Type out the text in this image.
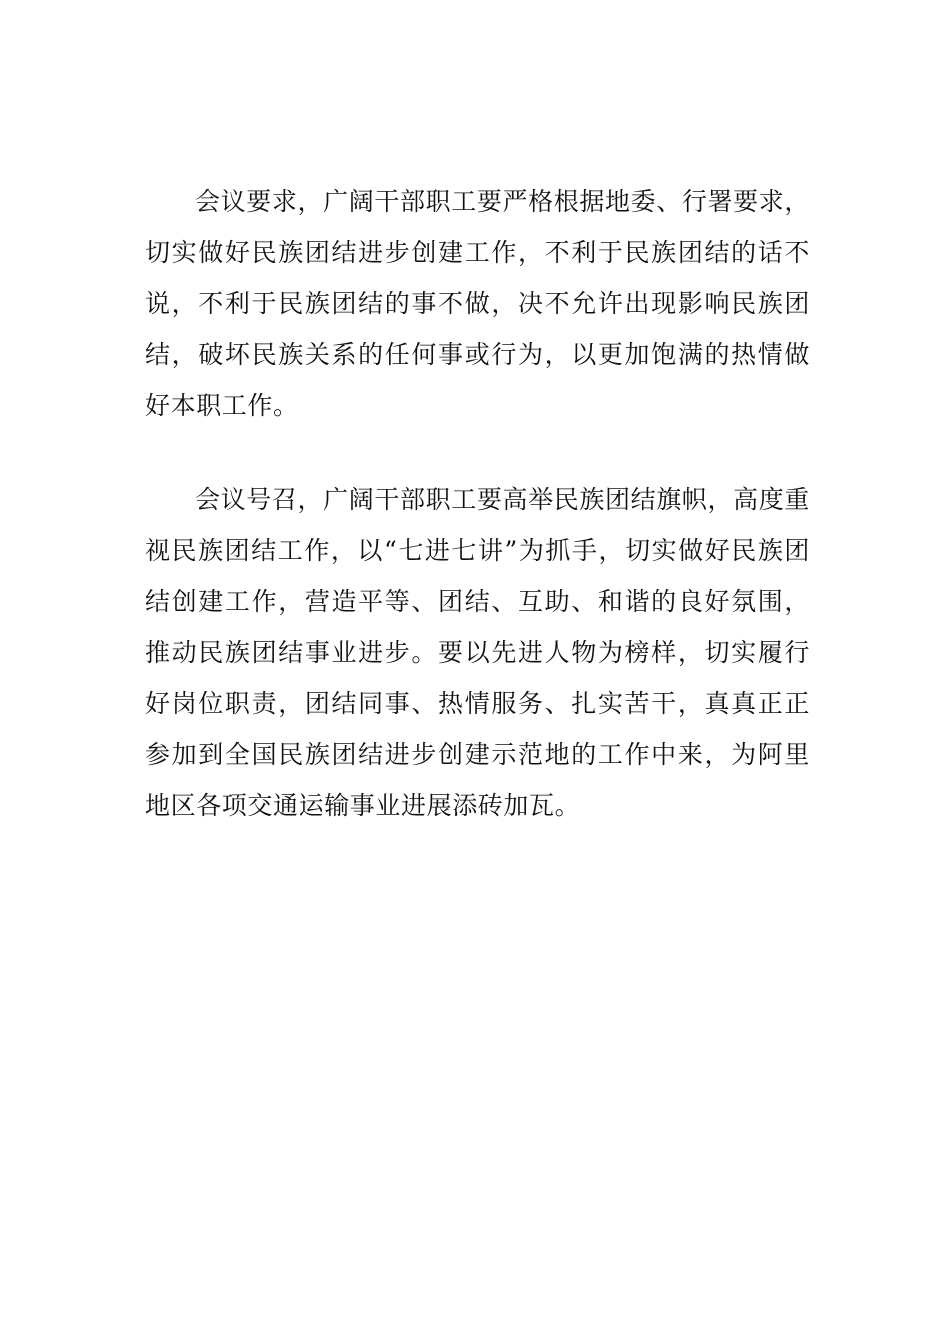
会议要求，广阔干部职工要严格根据地委、行署要求，切实做好民族团结进步创建工作，不利于民族团结的话不说，不利于民族团结的事不做，决不允许出现影响民族团结，破坏民族关系的任何事或行为，以更加饱满的热情做好本职工作。

会议号召，广阔干部职工要高举民族团结旗帜，高度重视民族团结工作，以“七进七讲”为抓手，切实做好民族团结创建工作，营造平等、团结、互助、和谐的良好氛围，推动民族团结事业进步。要以先进人物为榜样，切实履行好岗位职责，团结同事、热情服务、扎实苦干，真真正正参加到全国民族团结进步创建示范地的工作中来，为阿里地区各项交通运输事业进展添砖加瓦。
